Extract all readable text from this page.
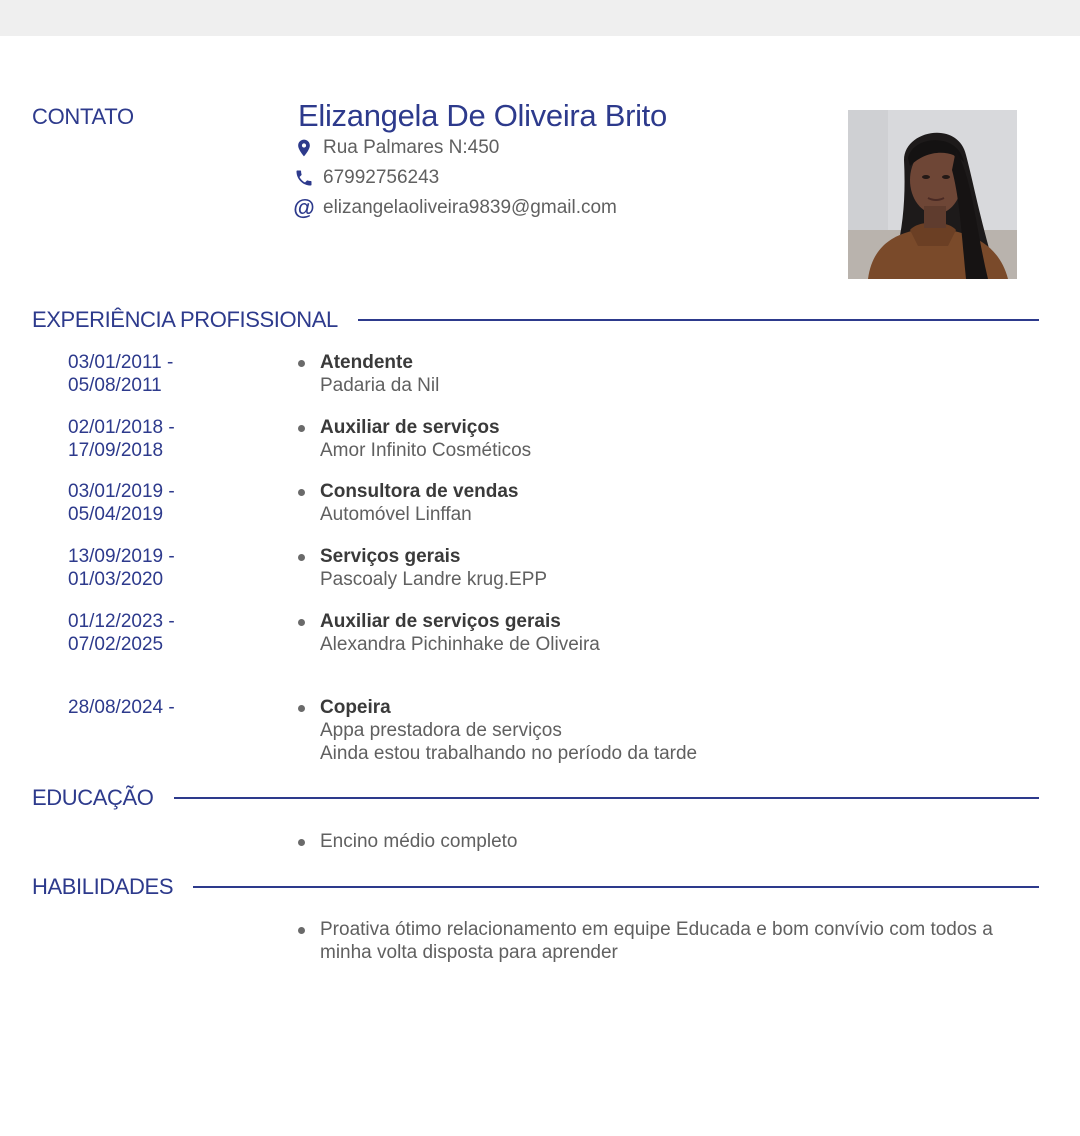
CONTATO	Elizangela De Oliveira Brito
Rua Palmares N:450
67992756243
@ elizangelaoliveira9839@gmail.com
EXPERIÊNCIA PROFISSIONAL
03/01/2011 -
05/08/2011
Atendente
Padaria da Nil
02/01/2018 -
17/09/2018
Auxiliar de serviços
Amor Infinito Cosméticos
03/01/2019 -
05/04/2019
Consultora de vendas
Automóvel Linffan
13/09/2019 -
01/03/2020
Serviços gerais
Pascoaly Landre krug.EPP
01/12/2023 -
07/02/2025
Auxiliar de serviços gerais
Alexandra Pichinhake de Oliveira
28/08/2024 -	Copeira
Appa prestadora de serviços
Ainda estou trabalhando no período da tarde
EDUCAÇÃO
Encino médio completo
HABILIDADES
Proativa ótimo relacionamento em equipe Educada e bom convívio com todos a minha volta disposta para aprender
